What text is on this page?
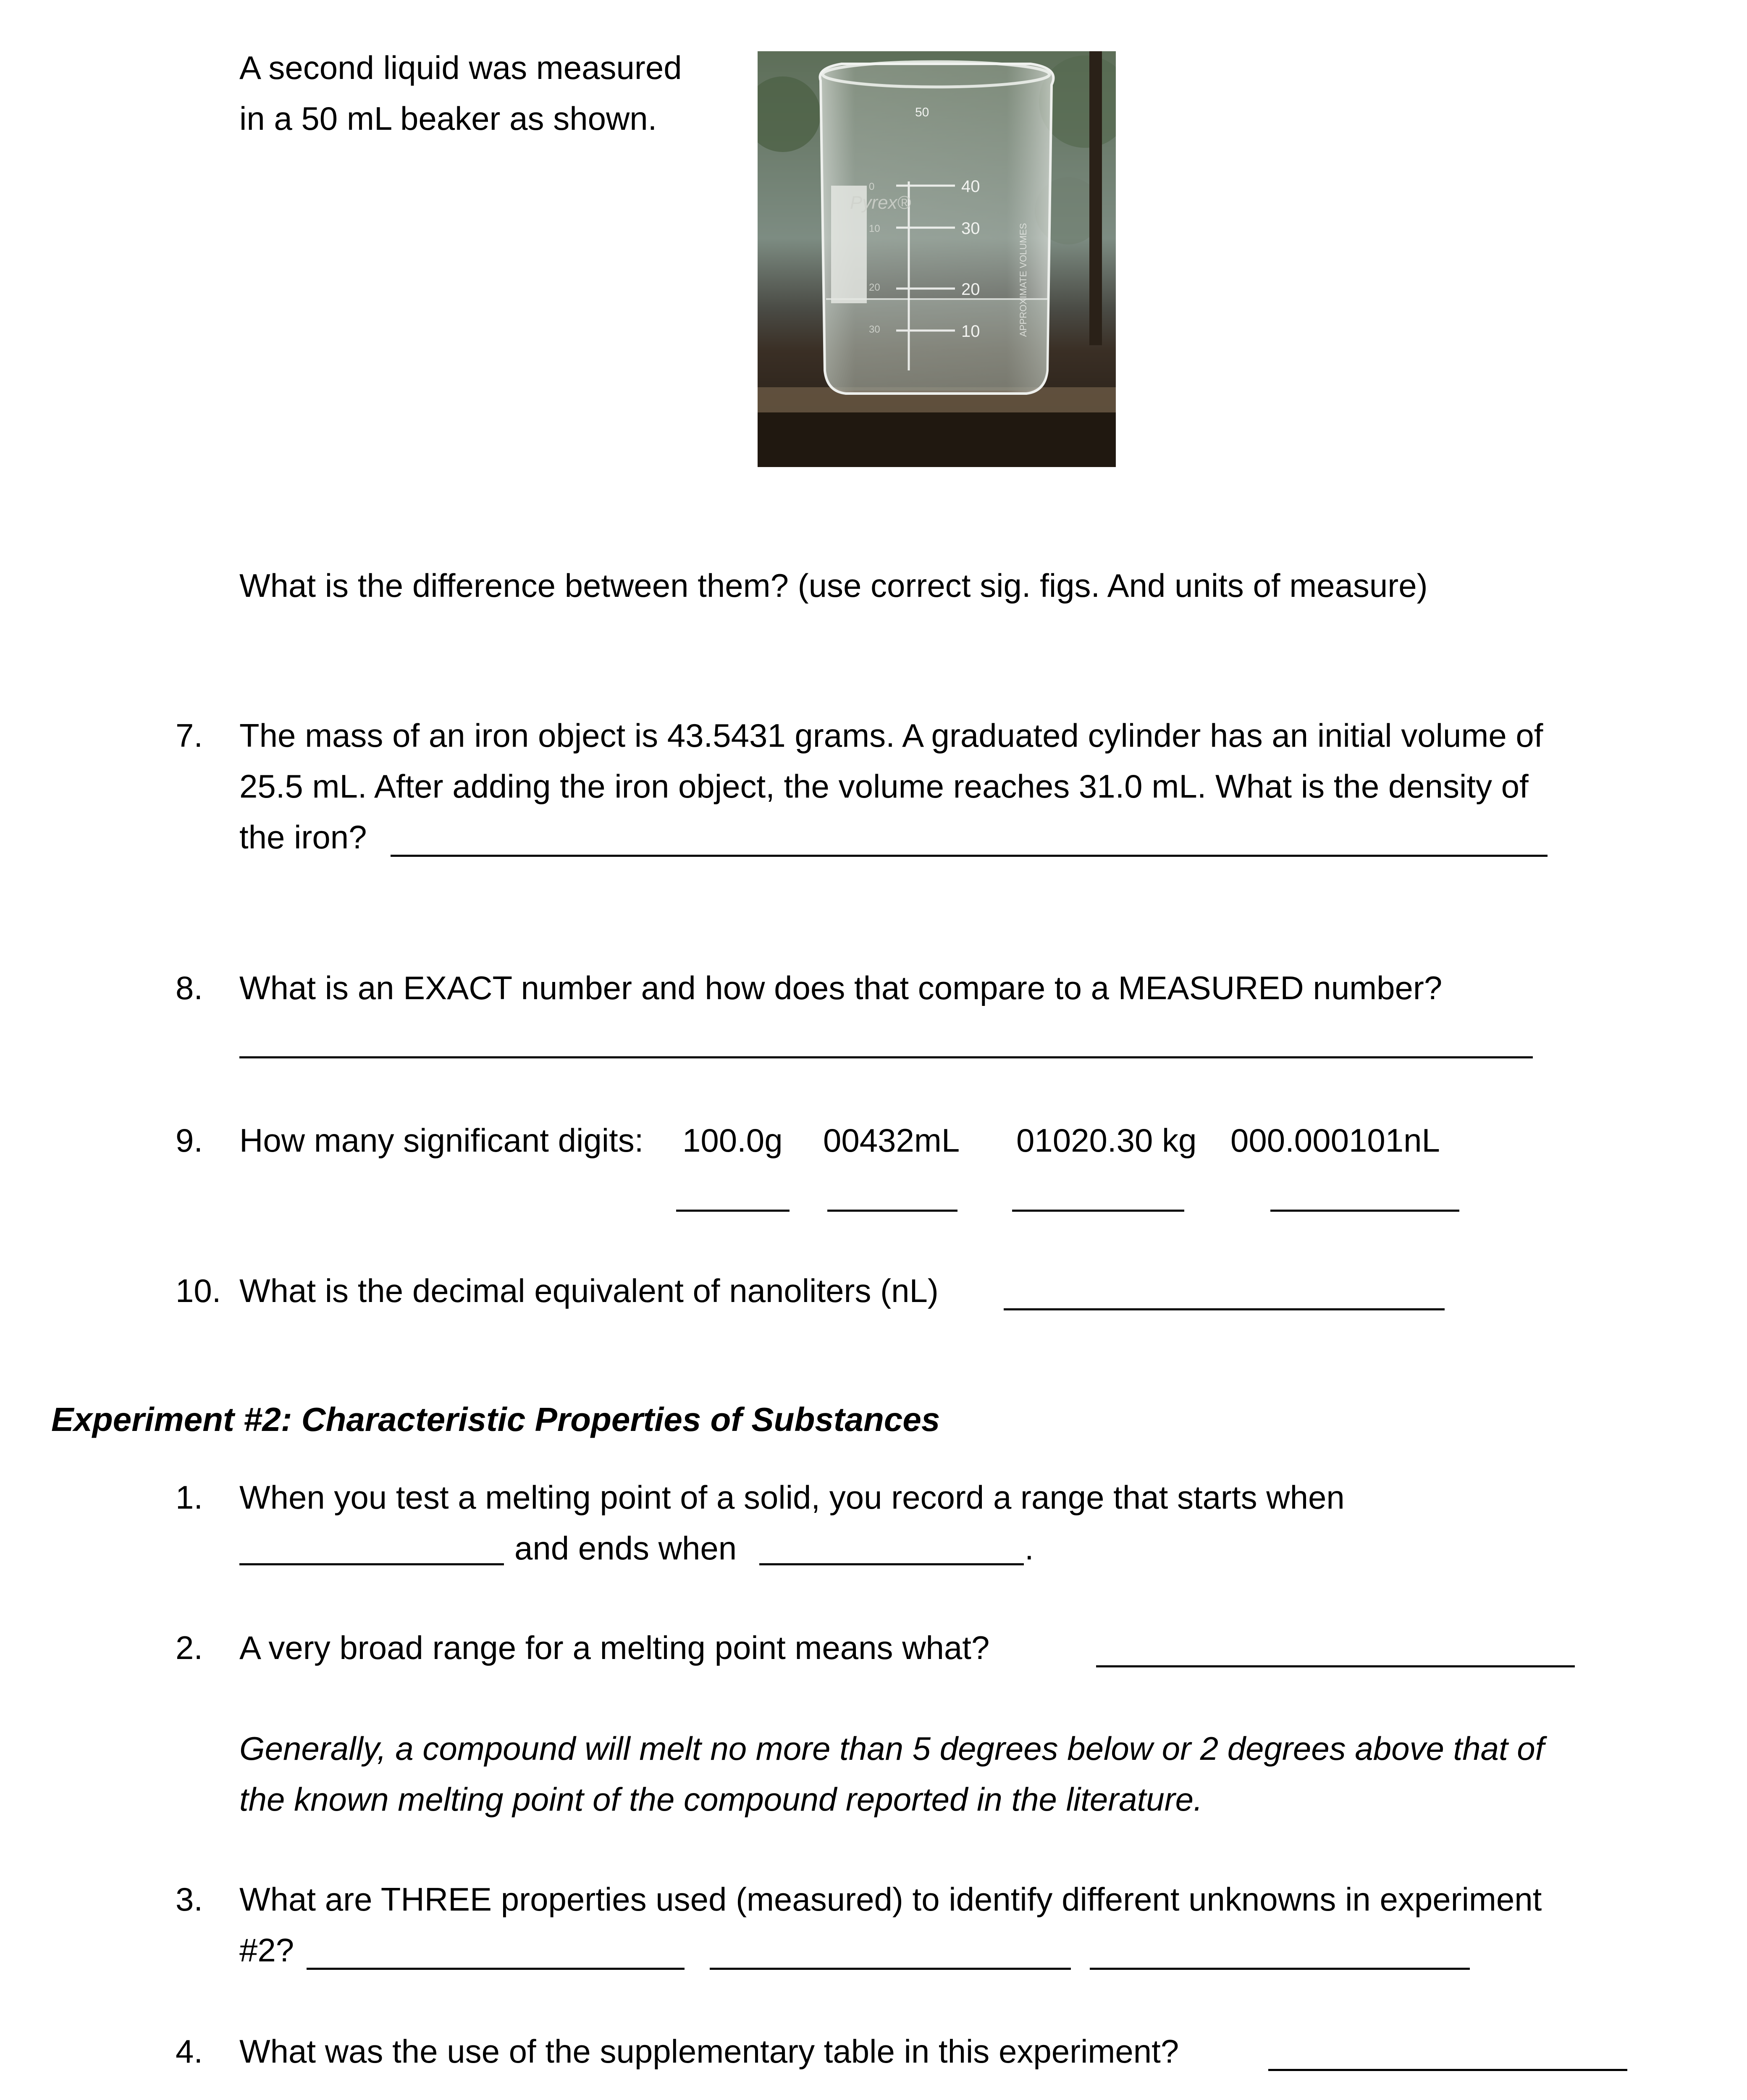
A second liquid was measured
in a 50 mL beaker as shown.
40
30
20
10
50
0
10
20
30
Pyrex®
APPROXIMATE VOLUMES
What is the difference between them? (use correct sig. figs. And units of measure)
7. The mass of an iron object is 43.5431 grams. A graduated cylinder has an initial volume of
25.5 mL. After adding the iron object, the volume reaches 31.0 mL. What is the density of
the iron?
8. What is an EXACT number and how does that compare to a MEASURED number?
9. How many significant digits: 100.0g 00432mL 01020.30 kg 000.000101nL
10. What is the decimal equivalent of nanoliters (nL)
Experiment #2: Characteristic Properties of Substances
1. When you test a melting point of a solid, you record a range that starts when
and ends when	.
2. A very broad range for a melting point means what?
Generally, a compound will melt no more than 5 degrees below or 2 degrees above that of
the known melting point of the compound reported in the literature.
3. What are THREE properties used (measured) to identify different unknowns in experiment
#2?
4. What was the use of the supplementary table in this experiment?
